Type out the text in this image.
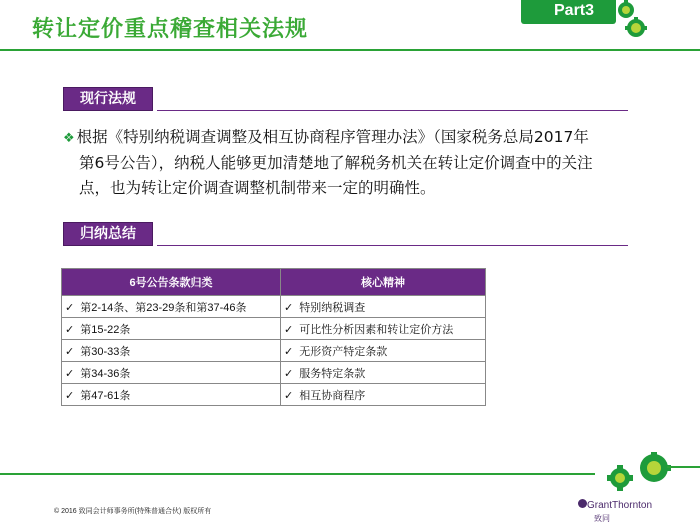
转让定价重点稽查相关法规
Part3
现行法规
❖ 根据《特别纳税调查调整及相互协商程序管理办法》（国家税务总局2017年
第6号公告），纳税人能够更加清楚地了解税务机关在转让定价调查中的关注
点，也为转让定价调查调整机制带来一定的明确性。
归纳总结
6号公告条款归类	核心精神
✓ 第2-14条、第23-29条和第37-46条	✓ 特别纳税调查
✓ 第15-22条	✓ 可比性分析因素和转让定价方法
✓ 第30-33条	✓ 无形资产特定条款
✓ 第34-36条	✓ 服务特定条款
✓ 第47-61条	✓ 相互协商程序
© 2016 致同会计师事务所(特殊普通合伙) 版权所有
GrantThornton
致同
